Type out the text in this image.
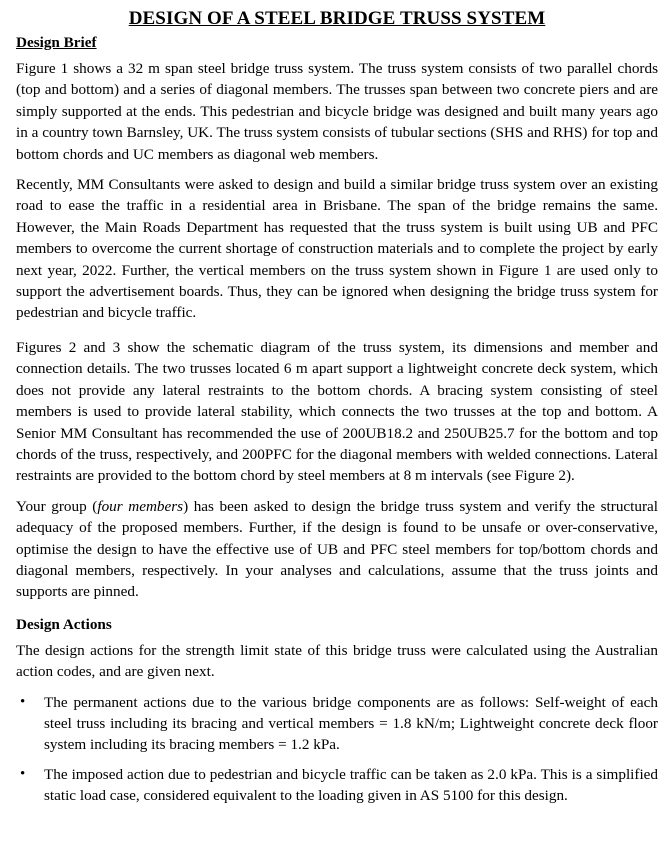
DESIGN OF A STEEL BRIDGE TRUSS SYSTEM
Design Brief

Figure 1 shows a 32 m span steel bridge truss system. The truss system consists of two parallel chords (top and bottom) and a series of diagonal members. The trusses span between two concrete piers and are simply supported at the ends. This pedestrian and bicycle bridge was designed and built many years ago in a country town Barnsley, UK. The truss system consists of tubular sections (SHS and RHS) for top and bottom chords and UC members as diagonal web members.

Recently, MM Consultants were asked to design and build a similar bridge truss system over an existing road to ease the traffic in a residential area in Brisbane. The span of the bridge remains the same. However, the Main Roads Department has requested that the truss system is built using UB and PFC members to overcome the current shortage of construction materials and to complete the project by early next year, 2022. Further, the vertical members on the truss system shown in Figure 1 are used only to support the advertisement boards. Thus, they can be ignored when designing the bridge truss system for pedestrian and bicycle traffic.

Figures 2 and 3 show the schematic diagram of the truss system, its dimensions and member and connection details. The two trusses located 6 m apart support a lightweight concrete deck system, which does not provide any lateral restraints to the bottom chords. A bracing system consisting of steel members is used to provide lateral stability, which connects the two trusses at the top and bottom. A Senior MM Consultant has recommended the use of 200UB18.2 and 250UB25.7 for the bottom and top chords of the truss, respectively, and 200PFC for the diagonal members with welded connections. Lateral restraints are provided to the bottom chord by steel members at 8 m intervals (see Figure 2).

Your group (four members) has been asked to design the bridge truss system and verify the structural adequacy of the proposed members. Further, if the design is found to be unsafe or over-conservative, optimise the design to have the effective use of UB and PFC steel members for top/bottom chords and diagonal members, respectively. In your analyses and calculations, assume that the truss joints and supports are pinned.

Design Actions

The design actions for the strength limit state of this bridge truss were calculated using the Australian action codes, and are given next.

• The permanent actions due to the various bridge components are as follows: Self-weight of each steel truss including its bracing and vertical members = 1.8 kN/m; Lightweight concrete deck floor system including its bracing members = 1.2 kPa.
• The imposed action due to pedestrian and bicycle traffic can be taken as 2.0 kPa. This is a simplified static load case, considered equivalent to the loading given in AS 5100 for this design.
